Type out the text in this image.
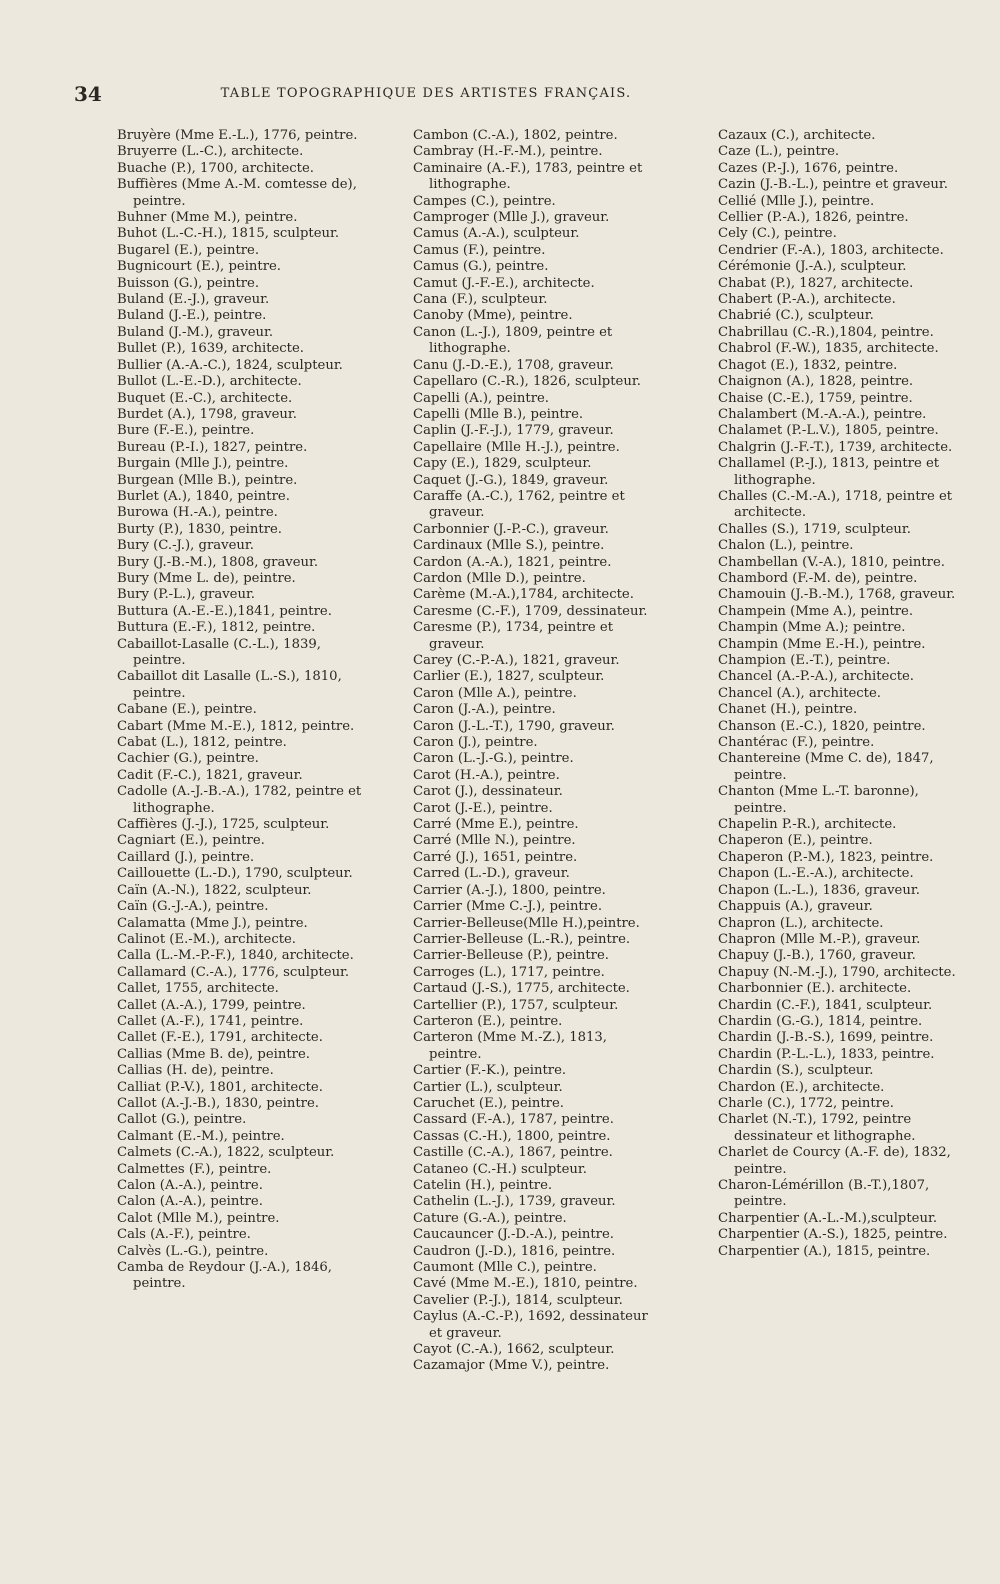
34	TABLE TOPOGRAPHIQUE DES ARTISTES FRANÇAIS.

Bruyère (Mme E.-L.), 1776, peintre.

Bruyerre (L.-C.), architecte.

Buache (P.), 1700, architecte.

Buffières (Mme A.-M. comtesse de), peintre.

Buhner (Mme M.), peintre.

Buhot (L.-C.-H.), 1815, sculpteur.

Bugarel (E.), peintre.

Bugnicourt (E.), peintre.

Buisson (G.), peintre.

Buland (E.-J.), graveur.

Buland (J.-E.), peintre.

Buland (J.-M.), graveur.

Bullet (P.), 1639, architecte.

Bullier (A.-A.-C.), 1824, sculpteur.

Bullot (L.-E.-D.), architecte.

Buquet (E.-C.), architecte.

Burdet (A.), 1798, graveur.

Bure (F.-E.), peintre.

Bureau (P.-I.), 1827, peintre.

Burgain (Mlle J.), peintre.

Burgean (Mlle B.), peintre.

Burlet (A.), 1840, peintre.

Burowa (H.-A.), peintre.

Burty (P.), 1830, peintre.

Bury (C.-J.), graveur.

Bury (J.-B.-M.), 1808, graveur.

Bury (Mme L. de), peintre.

Bury (P.-L.), graveur.

Buttura (A.-E.-E.),1841, peintre.

Buttura (E.-F.), 1812, peintre.

Cabaillot-Lasalle (C.-L.), 1839, peintre.

Cabaillot dit Lasalle (L.-S.), 1810, peintre.

Cabane (E.), peintre.

Cabart (Mme M.-E.), 1812, peintre.

Cabat (L.), 1812, peintre.

Cachier (G.), peintre.

Cadit (F.-C.), 1821, graveur.

Cadolle (A.-J.-B.-A.), 1782, peintre et lithographe.

Caffières (J.-J.), 1725, sculpteur.

Cagniart (E.), peintre.

Caillard (J.), peintre.

Caillouette (L.-D.), 1790, sculpteur.

Caïn (A.-N.), 1822, sculpteur.

Caïn (G.-J.-A.), peintre.

Calamatta (Mme J.), peintre.

Calinot (E.-M.), architecte.

Calla (L.-M.-P.-F.), 1840, architecte.

Callamard (C.-A.), 1776, sculpteur.

Callet, 1755, architecte.

Callet (A.-A.), 1799, peintre.

Callet (A.-F.), 1741, peintre.

Callet (F.-E.), 1791, architecte.

Callias (Mme B. de), peintre.

Callias (H. de), peintre.

Calliat (P.-V.), 1801, architecte.

Callot (A.-J.-B.), 1830, peintre.

Callot (G.), peintre.

Calmant (E.-M.), peintre.

Calmets (C.-A.), 1822, sculpteur.

Calmettes (F.), peintre.

Calon (A.-A.), peintre.

Calon (A.-A.), peintre.

Calot (Mlle M.), peintre.

Cals (A.-F.), peintre.

Calvès (L.-G.), peintre.

Camba de Reydour (J.-A.), 1846, peintre.

Cambon (C.-A.), 1802, peintre.

Cambray (H.-F.-M.), peintre.

Caminaire (A.-F.), 1783, peintre et lithographe.

Campes (C.), peintre.

Camproger (Mlle J.), graveur.

Camus (A.-A.), sculpteur.

Camus (F.), peintre.

Camus (G.), peintre.

Camut (J.-F.-E.), architecte.

Cana (F.), sculpteur.

Canoby (Mme), peintre.

Canon (L.-J.), 1809, peintre et lithographe.

Canu (J.-D.-E.), 1708, graveur.

Capellaro (C.-R.), 1826, sculpteur.

Capelli (A.), peintre.

Capelli (Mlle B.), peintre.

Caplin (J.-F.-J.), 1779, graveur.

Capellaire (Mlle H.-J.), peintre.

Capy (E.), 1829, sculpteur.

Caquet (J.-G.), 1849, graveur.

Caraffe (A.-C.), 1762, peintre et graveur.

Carbonnier (J.-P.-C.), graveur.

Cardinaux (Mlle S.), peintre.

Cardon (A.-A.), 1821, peintre.

Cardon (Mlle D.), peintre.

Carème (M.-A.),1784, architecte.

Caresme (C.-F.), 1709, dessinateur.

Caresme (P.), 1734, peintre et graveur.

Carey (C.-P.-A.), 1821, graveur.

Carlier (E.), 1827, sculpteur.

Caron (Mlle A.), peintre.

Caron (J.-A.), peintre.

Caron (J.-L.-T.), 1790, graveur.

Caron (J.), peintre.

Caron (L.-J.-G.), peintre.

Carot (H.-A.), peintre.

Carot (J.), dessinateur.

Carot (J.-E.), peintre.

Carré (Mme E.), peintre.

Carré (Mlle N.), peintre.

Carré (J.), 1651, peintre.

Carred (L.-D.), graveur.

Carrier (A.-J.), 1800, peintre.

Carrier (Mme C.-J.), peintre.

Carrier-Belleuse(Mlle H.),peintre.

Carrier-Belleuse (L.-R.), peintre.

Carrier-Belleuse (P.), peintre.

Carroges (L.), 1717, peintre.

Cartaud (J.-S.), 1775, architecte.

Cartellier (P.), 1757, sculpteur.

Carteron (E.), peintre.

Carteron (Mme M.-Z.), 1813, peintre.

Cartier (F.-K.), peintre.

Cartier (L.), sculpteur.

Caruchet (E.), peintre.

Cassard (F.-A.), 1787, peintre.

Cassas (C.-H.), 1800, peintre.

Castille (C.-A.), 1867, peintre.

Cataneo (C.-H.) sculpteur.

Catelin (H.), peintre.

Cathelin (L.-J.), 1739, graveur.

Cature (G.-A.), peintre.

Caucauncer (J.-D.-A.), peintre.

Caudron (J.-D.), 1816, peintre.

Caumont (Mlle C.), peintre.

Cavé (Mme M.-E.), 1810, peintre.

Cavelier (P.-J.), 1814, sculpteur.

Caylus (A.-C.-P.), 1692, dessinateur et graveur.

Cayot (C.-A.), 1662, sculpteur.

Cazamajor (Mme V.), peintre.

Cazaux (C.), architecte.

Caze (L.), peintre.

Cazes (P.-J.), 1676, peintre.

Cazin (J.-B.-L.), peintre et graveur.

Cellié (Mlle J.), peintre.

Cellier (P.-A.), 1826, peintre.

Cely (C.), peintre.

Cendrier (F.-A.), 1803, architecte.

Cérémonie (J.-A.), sculpteur.

Chabat (P.), 1827, architecte.

Chabert (P.-A.), architecte.

Chabrié (C.), sculpteur.

Chabrillau (C.-R.),1804, peintre.

Chabrol (F.-W.), 1835, architecte.

Chagot (E.), 1832, peintre.

Chaignon (A.), 1828, peintre.

Chaise (C.-E.), 1759, peintre.

Chalambert (M.-A.-A.), peintre.

Chalamet (P.-L.V.), 1805, peintre.

Chalgrin (J.-F.-T.), 1739, architecte.

Challamel (P.-J.), 1813, peintre et lithographe.

Challes (C.-M.-A.), 1718, peintre et architecte.

Challes (S.), 1719, sculpteur.

Chalon (L.), peintre.

Chambellan (V.-A.), 1810, peintre.

Chambord (F.-M. de), peintre.

Chamouin (J.-B.-M.), 1768, graveur.

Champein (Mme A.), peintre.

Champin (Mme A.); peintre.

Champin (Mme E.-H.), peintre.

Champion (E.-T.), peintre.

Chancel (A.-P.-A.), architecte.

Chancel (A.), architecte.

Chanet (H.), peintre.

Chanson (E.-C.), 1820, peintre.

Chantérac (F.), peintre.

Chantereine (Mme C. de), 1847, peintre.

Chanton (Mme L.-T. baronne), peintre.

Chapelin P.-R.), architecte.

Chaperon (E.), peintre.

Chaperon (P.-M.), 1823, peintre.

Chapon (L.-E.-A.), architecte.

Chapon (L.-L.), 1836, graveur.

Chappuis (A.), graveur.

Chapron (L.), architecte.

Chapron (Mlle M.-P.), graveur.

Chapuy (J.-B.), 1760, graveur.

Chapuy (N.-M.-J.), 1790, architecte.

Charbonnier (E.). architecte.

Chardin (C.-F.), 1841, sculpteur.

Chardin (G.-G.), 1814, peintre.

Chardin (J.-B.-S.), 1699, peintre.

Chardin (P.-L.-L.), 1833, peintre.

Chardin (S.), sculpteur.

Chardon (E.), architecte.

Charle (C.), 1772, peintre.

Charlet (N.-T.), 1792, peintre dessinateur et lithographe.

Charlet de Courcy (A.-F. de), 1832, peintre.

Charon-Lémérillon (B.-T.),1807, peintre.

Charpentier (A.-L.-M.),sculpteur.

Charpentier (A.-S.), 1825, peintre.

Charpentier (A.), 1815, peintre.
